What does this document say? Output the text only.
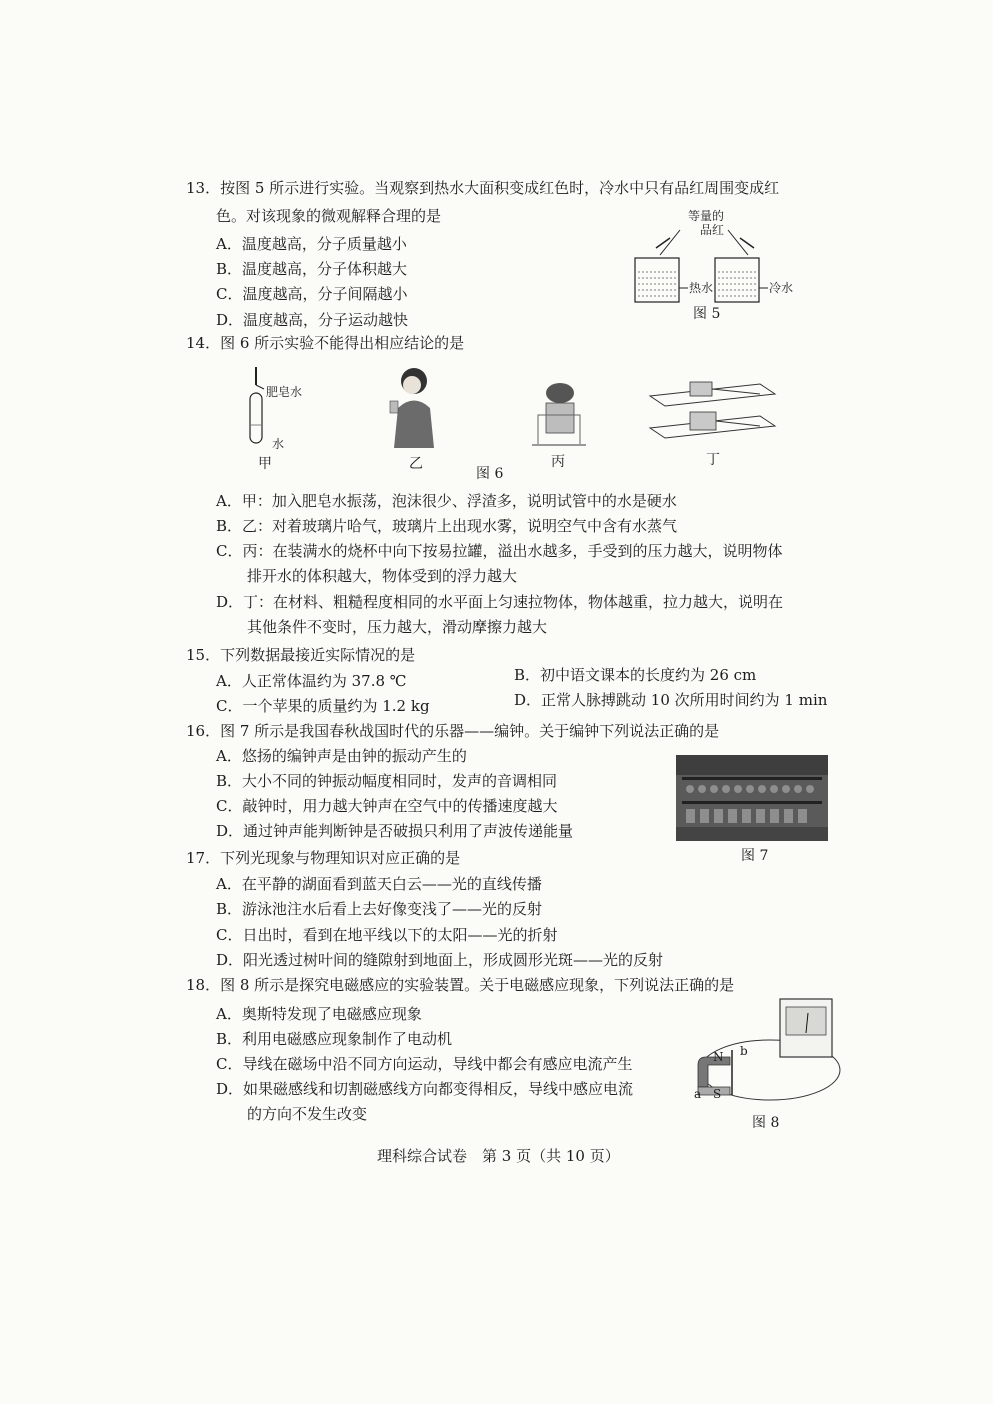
13．按图 5 所示进行实验。当观察到热水大面积变成红色时，冷水中只有品红周围变成红
色。对该现象的微观解释合理的是
A．温度越高，分子质量越小
B．温度越高，分子体积越大
C．温度越高，分子间隔越小
D．温度越高，分子运动越快
等量的
品红
热水	冷水
图 5
14．图 6 所示实验不能得出相应结论的是
肥皂水
水
甲	乙	丙	丁
图 6
A．甲：加入肥皂水振荡，泡沫很少、浮渣多，说明试管中的水是硬水
B．乙：对着玻璃片哈气，玻璃片上出现水雾，说明空气中含有水蒸气
C．丙：在装满水的烧杯中向下按易拉罐，溢出水越多，手受到的压力越大，说明物体
排开水的体积越大，物体受到的浮力越大
D．丁：在材料、粗糙程度相同的水平面上匀速拉物体，物体越重，拉力越大，说明在
其他条件不变时，压力越大，滑动摩擦力越大
15．下列数据最接近实际情况的是
A．人正常体温约为 37.8 ℃	B．初中语文课本的长度约为 26 cm
C．一个苹果的质量约为 1.2 kg	D．正常人脉搏跳动 10 次所用时间约为 1 min
16．图 7 所示是我国春秋战国时代的乐器——编钟。关于编钟下列说法正确的是
A．悠扬的编钟声是由钟的振动产生的
B．大小不同的钟振动幅度相同时，发声的音调相同
C．敲钟时，用力越大钟声在空气中的传播速度越大
D．通过钟声能判断钟是否破损只利用了声波传递能量
图 7
17．下列光现象与物理知识对应正确的是
A．在平静的湖面看到蓝天白云——光的直线传播
B．游泳池注水后看上去好像变浅了——光的反射
C．日出时，看到在地平线以下的太阳——光的折射
D．阳光透过树叶间的缝隙射到地面上，形成圆形光斑——光的反射
18．图 8 所示是探究电磁感应的实验装置。关于电磁感应现象，下列说法正确的是
A．奥斯特发现了电磁感应现象
B．利用电磁感应现象制作了电动机
C．导线在磁场中沿不同方向运动，导线中都会有感应电流产生
D．如果磁感线和切割磁感线方向都变得相反，导线中感应电流
的方向不发生改变
N
S
a
b
图 8
理科综合试卷　第 3 页（共 10 页）
